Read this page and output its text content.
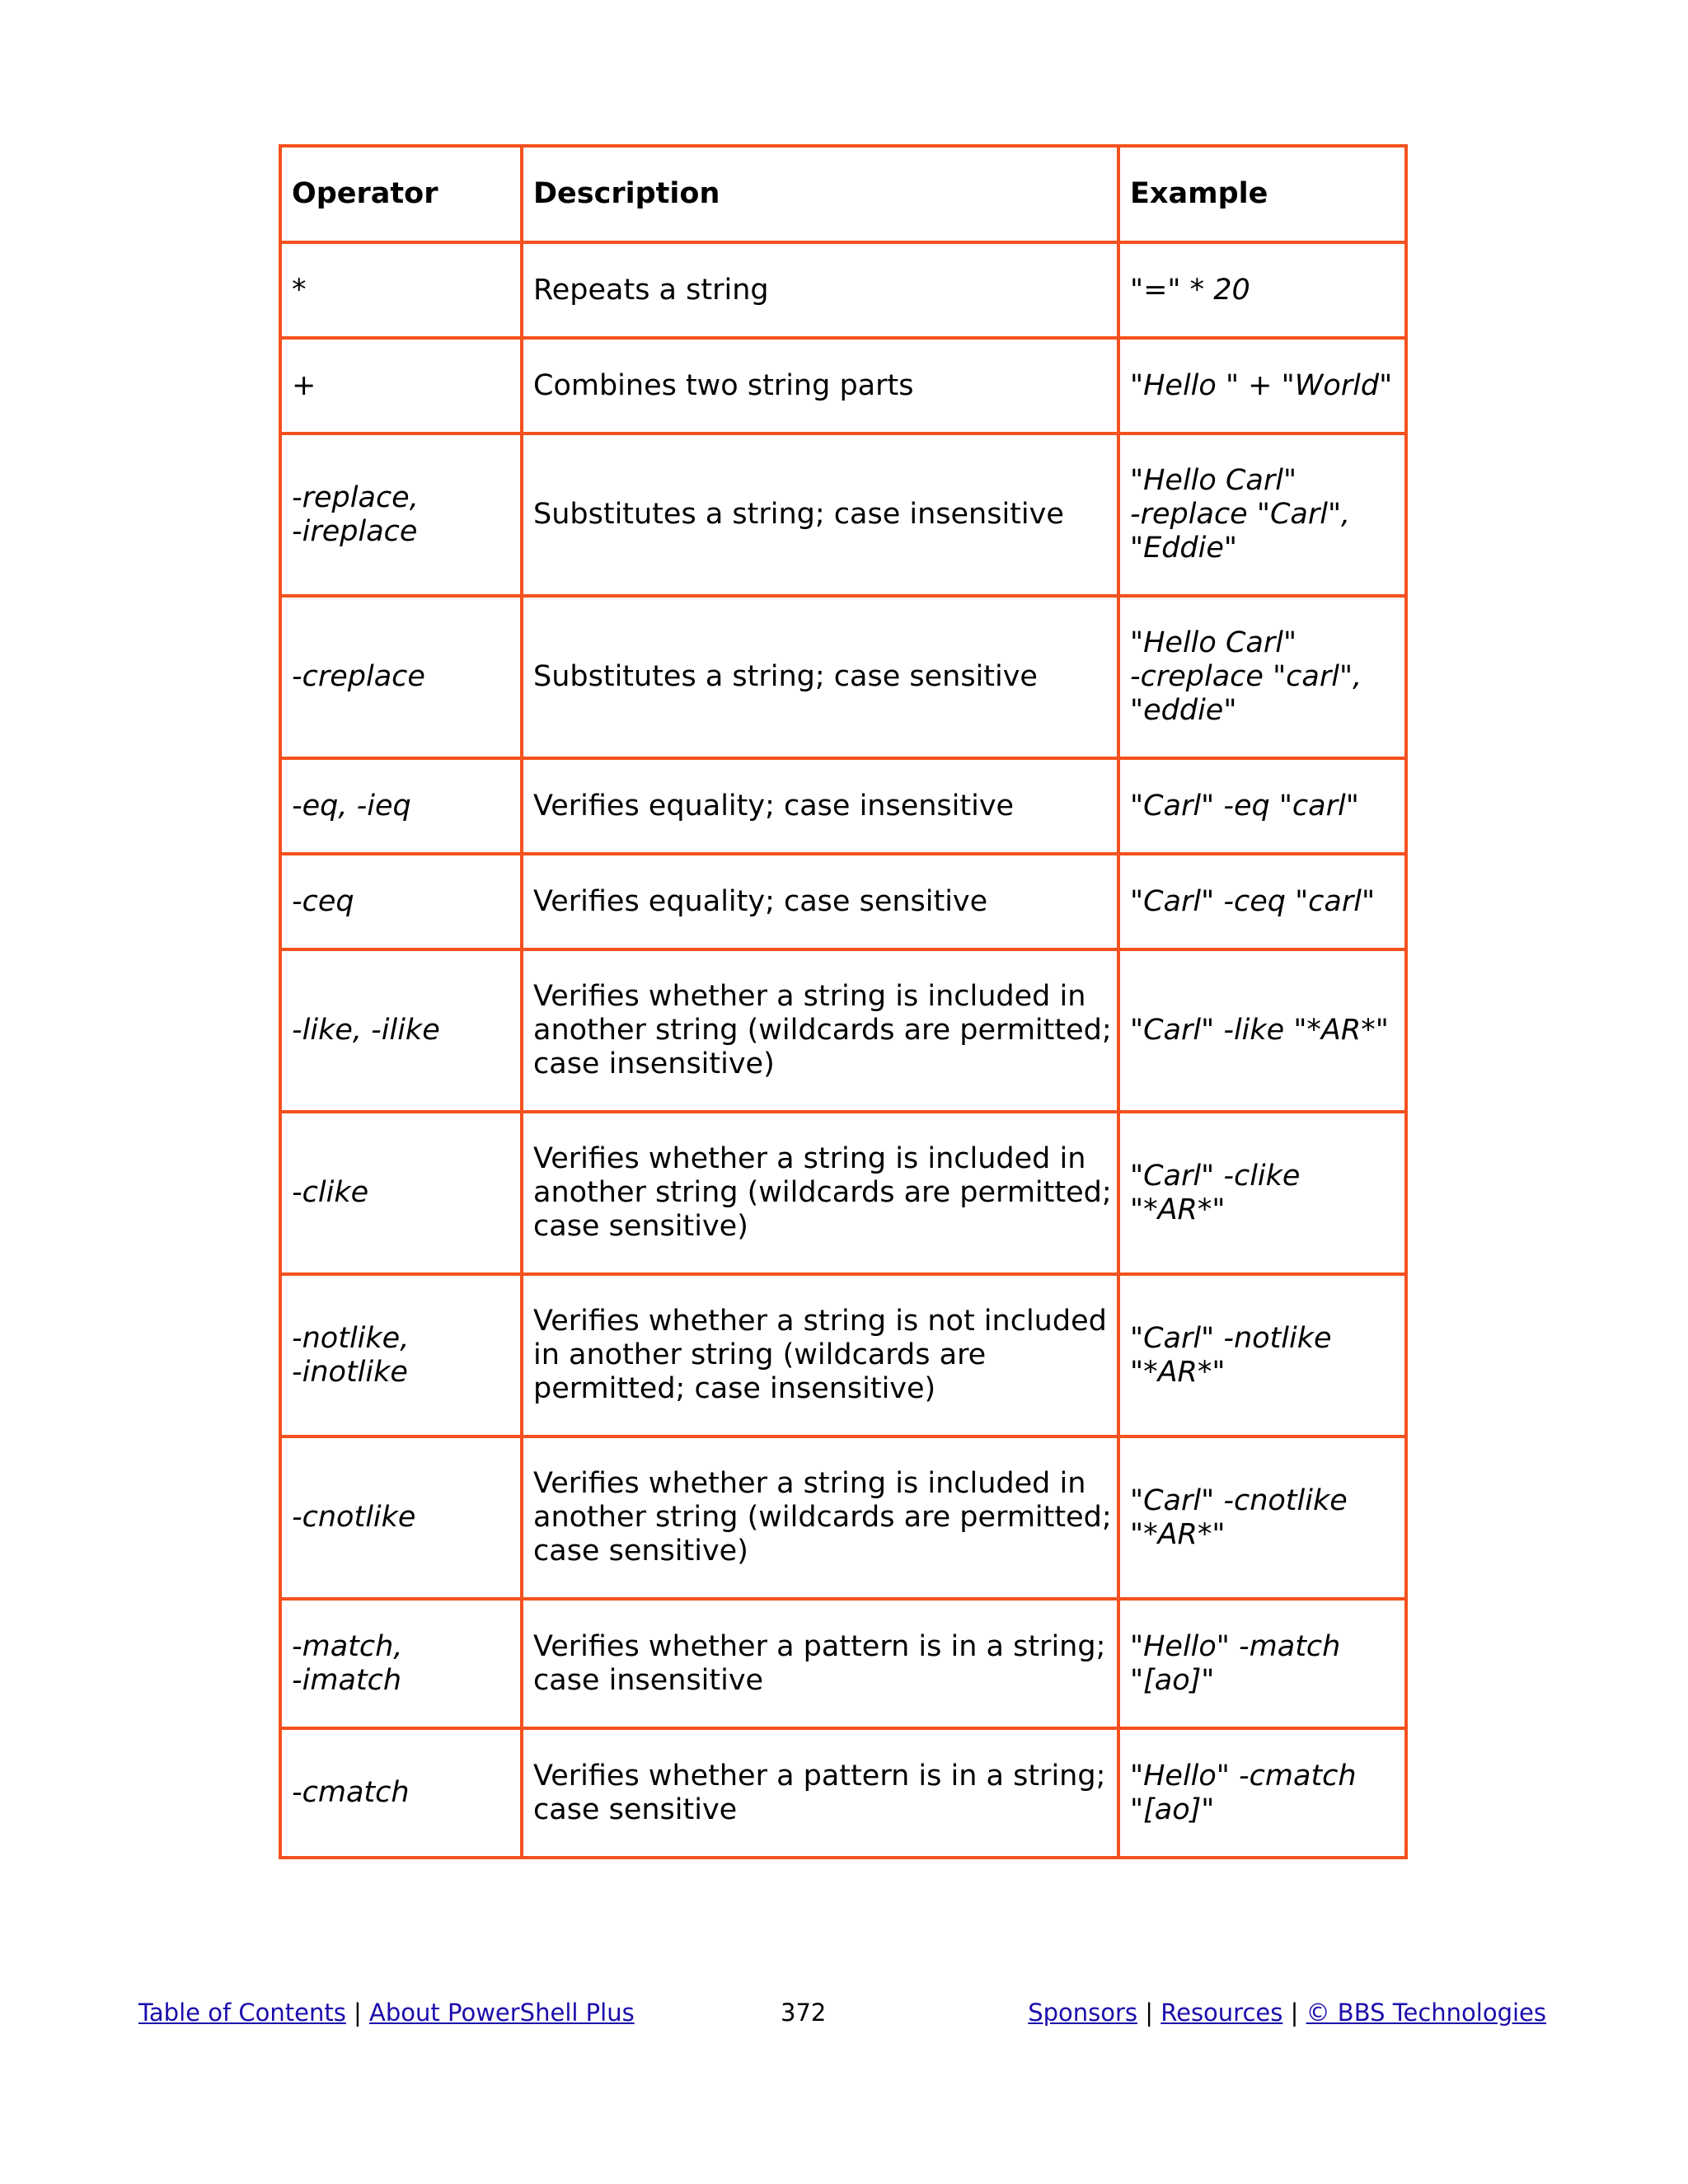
Operator	Description	Example

*	Repeats a string	"=" * 20

+	Combines two string parts	"Hello " + "World"

-replace,
-ireplace	Substitutes a string; case insensitive	"Hello Carl"
-replace "Carl",
"Eddie"

-creplace	Substitutes a string; case sensitive	"Hello Carl"
-creplace "carl",
"eddie"

-eq, -ieq	Verifies equality; case insensitive	"Carl" -eq "carl"

-ceq	Verifies equality; case sensitive	"Carl" -ceq "carl"

-like, -ilike	Verifies whether a string is included in
another string (wildcards are permitted;
case insensitive)	"Carl" -like "*AR*"

-clike	Verifies whether a string is included in
another string (wildcards are permitted;
case sensitive)	"Carl" -clike
"*AR*"

-notlike,
-inotlike	Verifies whether a string is not included
in another string (wildcards are
permitted; case insensitive)	"Carl" -notlike
"*AR*"

-cnotlike	Verifies whether a string is included in
another string (wildcards are permitted;
case sensitive)	"Carl" -cnotlike
"*AR*"

-match,
-imatch	Verifies whether a pattern is in a string;
case insensitive	"Hello" -match
"[ao]"

-cmatch	Verifies whether a pattern is in a string;
case sensitive	"Hello" -cmatch
"[ao]"
Table of Contents | About PowerShell Plus	372	Sponsors | Resources | © BBS Technologies
